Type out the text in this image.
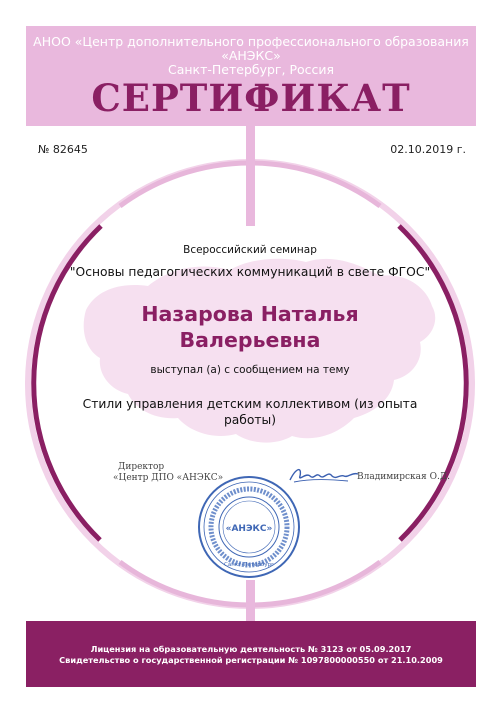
АНОО «Центр дополнительного профессионального образования

«АНЭКС»

Санкт-Петербург, Россия

СЕРТИФИКАТ
№ 82645	02.10.2019 г.

Всероссийский семинар

"Основы педагогических коммуникаций в свете ФГОС"

Назарова Наталья

Валерьевна

выступал (а) с сообщением на тему

Стили управления детским коллективом (из опыта

работы)

Директор
«Центр ДПО «АНЭКС»	Владимирская О.Д.
«АНЭКС»
Санкт-Петербург

Лицензия на образовательную деятельность № 3123 от 05.09.2017

Свидетельство о государственной регистрации № 1097800000550 от 21.10.2009
